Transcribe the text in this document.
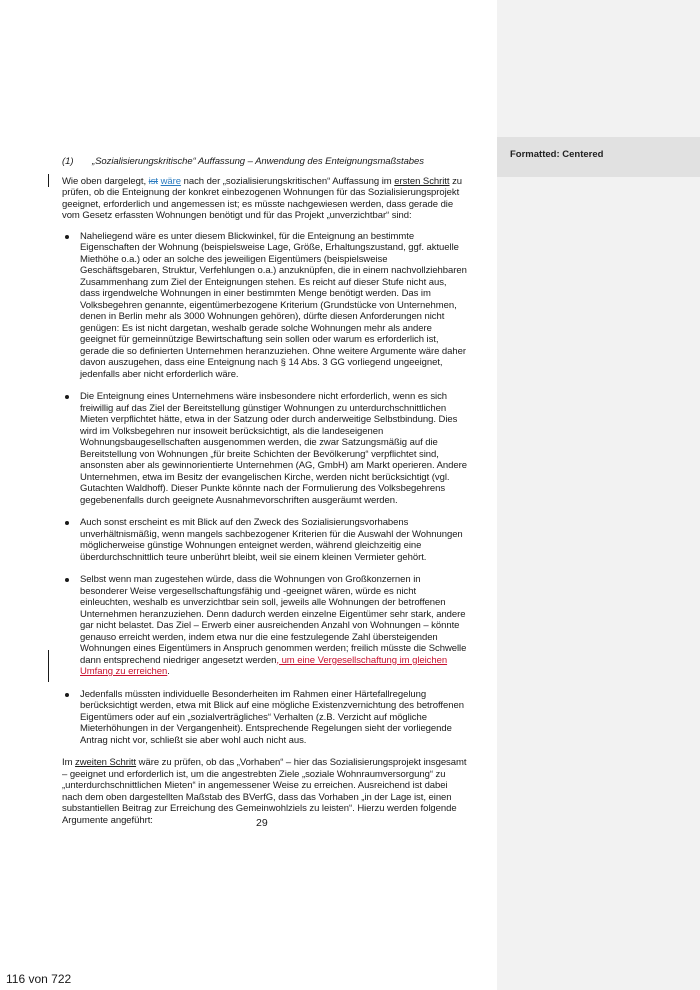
Formatted: Centered
(1)	„Sozialisierungskritische“ Auffassung – Anwendung des Enteignungsmaßstabes

Wie oben dargelegt, ist wäre nach der „sozialisierungskritischen“ Auffassung im ersten Schritt zu prüfen, ob die Enteignung der konkret einbezogenen Wohnungen für das Sozialisierungsprojekt geeignet, erforderlich und angemessen ist; es müsste nachgewiesen werden, dass gerade die vom Gesetz erfassten Wohnungen benötigt und für das Projekt „unverzichtbar“ sind:

Naheliegend wäre es unter diesem Blickwinkel, für die Enteignung an bestimmte Eigenschaften der Wohnung (beispielsweise Lage, Größe, Erhaltungszustand, ggf. aktuelle Miethöhe o.a.) oder an solche des jeweiligen Eigentümers (beispielsweise Geschäftsgebaren, Struktur, Verfehlungen o.a.) anzuknüpfen, die in einem nachvollziehbaren Zusammenhang zum Ziel der Enteignungen stehen. Es reicht auf dieser Stufe nicht aus, dass irgendwelche Wohnungen in einer bestimmten Menge benötigt werden. Das im Volksbegehren genannte, eigentümerbezogene Kriterium (Grundstücke von Unternehmen, denen in Berlin mehr als 3000 Wohnungen gehören), dürfte diesen Anforderungen nicht genügen: Es ist nicht dargetan, weshalb gerade solche Wohnungen mehr als andere geeignet für gemeinnützige Bewirtschaftung sein sollen oder warum es erforderlich ist, gerade die so definierten Unternehmen heranzuziehen. Ohne weitere Argumente wäre daher davon auszugehen, dass eine Enteignung nach § 14 Abs. 3 GG vorliegend ungeeignet, jedenfalls aber nicht erforderlich wäre.
Die Enteignung eines Unternehmens wäre insbesondere nicht erforderlich, wenn es sich freiwillig auf das Ziel der Bereitstellung günstiger Wohnungen zu unterdurchschnittlichen Mieten verpflichtet hätte, etwa in der Satzung oder durch anderweitige Selbstbindung. Dies wird im Volksbegehren nur insoweit berücksichtigt, als die landeseigenen Wohnungsbaugesellschaften ausgenommen werden, die zwar Satzungsmäßig auf die Bereitstellung von Wohnungen „für breite Schichten der Bevölkerung“ verpflichtet sind, ansonsten aber als gewinnorientierte Unternehmen (AG, GmbH) am Markt operieren. Andere Unternehmen, etwa im Besitz der evangelischen Kirche, werden nicht berücksichtigt (vgl. Gutachten Waldhoff). Dieser Punkte könnte nach der Formulierung des Volksbegehrens gegebenenfalls durch geeignete Ausnahmevorschriften ausgeräumt werden.
Auch sonst erscheint es mit Blick auf den Zweck des Sozialisierungsvorhabens unverhältnismäßig, wenn mangels sachbezogener Kriterien für die Auswahl der Wohnungen möglicherweise günstige Wohnungen enteignet werden, während gleichzeitig eine überdurchschnittlich teure unberührt bleibt, weil sie einem kleinen Vermieter gehört.
Selbst wenn man zugestehen würde, dass die Wohnungen von Großkonzernen in besonderer Weise vergesellschaftungsfähig und -geeignet wären, würde es nicht einleuchten, weshalb es unverzichtbar sein soll, jeweils alle Wohnungen der betroffenen Unternehmen heranzuziehen. Denn dadurch werden einzelne Eigentümer sehr stark, andere gar nicht belastet. Das Ziel – Erwerb einer ausreichenden Anzahl von Wohnungen – könnte genauso erreicht werden, indem etwa nur die eine festzulegende Zahl übersteigenden Wohnungen eines Eigentümers in Anspruch genommen werden; freilich müsste die Schwelle dann entsprechend niedriger angesetzt werden, um eine Vergesellschaftung im gleichen Umfang zu erreichen.
Jedenfalls müssten individuelle Besonderheiten im Rahmen einer Härtefallregelung berücksichtigt werden, etwa mit Blick auf eine mögliche Existenzvernichtung des betroffenen Eigentümers oder auf ein „sozialverträgliches“ Verhalten (z.B. Verzicht auf mögliche Mieterhöhungen in der Vergangenheit). Entsprechende Regelungen sieht der vorliegende Antrag nicht vor, schließt sie aber wohl auch nicht aus.

Im zweiten Schritt wäre zu prüfen, ob das „Vorhaben“ – hier das Sozialisierungsprojekt insgesamt – geeignet und erforderlich ist, um die angestrebten Ziele „soziale Wohnraumversorgung“ zu „unterdurchschnittlichen Mieten“ in angemessener Weise zu erreichen. Ausreichend ist dabei nach dem oben dargestellten Maßstab des BVerfG, dass das Vorhaben „in der Lage ist, einen substantiellen Beitrag zur Erreichung des Gemeinwohlziels zu leisten“. Hierzu werden folgende Argumente angeführt:	29
116 von 722
